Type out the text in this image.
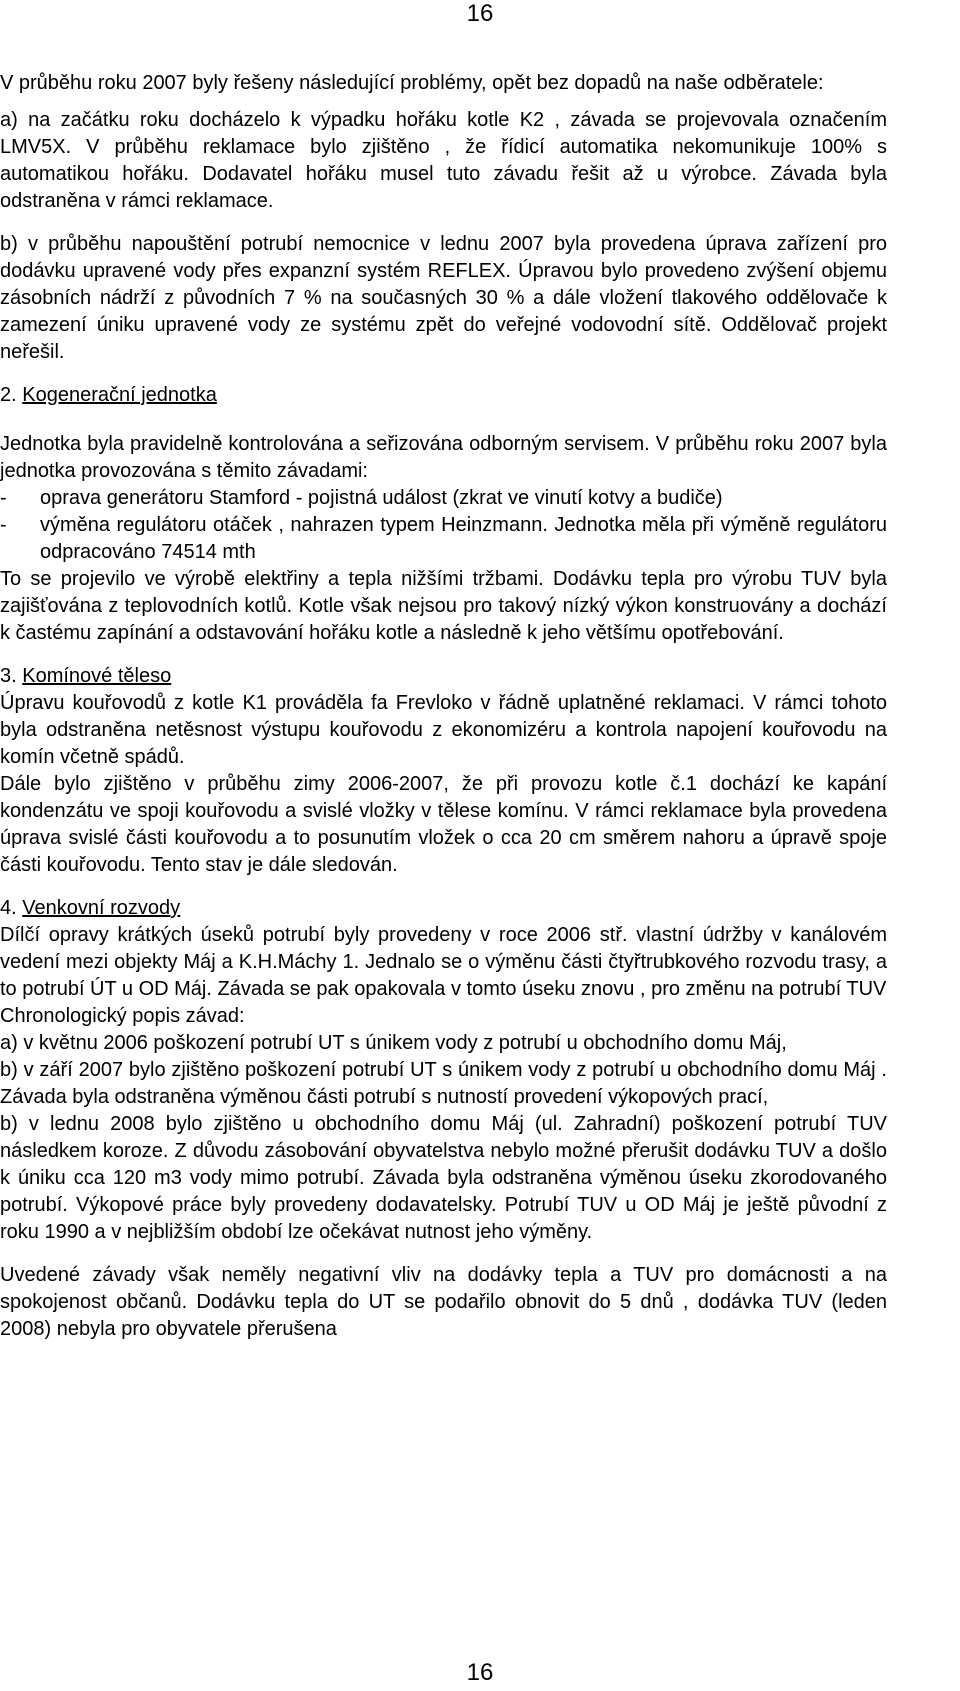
16

V průběhu roku 2007 byly řešeny následující problémy, opět bez dopadů na naše odběratele:

a) na začátku roku docházelo k výpadku hořáku kotle K2 , závada se projevovala označením LMV5X. V průběhu reklamace bylo zjištěno , že řídicí automatika nekomunikuje 100% s automatikou hořáku. Dodavatel hořáku musel tuto závadu řešit až u výrobce. Závada byla odstraněna v rámci reklamace.

b) v průběhu napouštění potrubí nemocnice v lednu 2007 byla provedena úprava zařízení pro dodávku upravené vody přes expanzní systém REFLEX. Úpravou bylo provedeno zvýšení objemu zásobních nádrží z původních 7 % na současných 30 % a dále vložení tlakového oddělovače k zamezení úniku upravené vody ze systému zpět do veřejné vodovodní sítě. Oddělovač projekt neřešil.

2. Kogenerační jednotka

Jednotka byla pravidelně kontrolována a seřizována odborným servisem. V průběhu roku 2007 byla jednotka provozována s těmito závadami:

-	oprava generátoru Stamford - pojistná událost (zkrat ve vinutí kotvy a budiče)
-	výměna regulátoru otáček , nahrazen typem Heinzmann. Jednotka měla při výměně regulátoru odpracováno 74514 mth

To se projevilo ve výrobě elektřiny a tepla nižšími tržbami. Dodávku tepla pro výrobu TUV byla zajišťována z teplovodních kotlů. Kotle však nejsou pro takový nízký výkon konstruovány a dochází k častému zapínání a odstavování hořáku kotle a následně k jeho většímu opotřebování.

3. Komínové těleso

Úpravu kouřovodů z kotle K1 prováděla fa Frevloko v řádně uplatněné reklamaci. V rámci tohoto byla odstraněna netěsnost výstupu kouřovodu z ekonomizéru a kontrola napojení kouřovodu na komín včetně spádů.

Dále bylo zjištěno v průběhu zimy 2006-2007, že při provozu kotle č.1 dochází ke kapání kondenzátu ve spoji kouřovodu a svislé vložky v tělese komínu. V rámci reklamace byla provedena úprava svislé části kouřovodu a to posunutím vložek o cca 20 cm směrem nahoru a úpravě spoje části kouřovodu. Tento stav je dále sledován.

4. Venkovní rozvody

Dílčí opravy krátkých úseků potrubí byly provedeny v roce 2006 stř. vlastní údržby v kanálovém vedení mezi objekty Máj a K.H.Máchy 1. Jednalo se o výměnu části čtyřtrubkového rozvodu trasy, a to potrubí ÚT u OD Máj. Závada se pak opakovala v tomto úseku znovu , pro změnu na potrubí TUV

Chronologický popis závad:

a) v květnu 2006 poškození potrubí UT s únikem vody z potrubí u obchodního domu Máj,

b) v září 2007 bylo zjištěno poškození potrubí UT s únikem vody z potrubí u obchodního domu Máj . Závada byla odstraněna výměnou části potrubí s nutností provedení výkopových prací,

b) v lednu 2008 bylo zjištěno u obchodního domu Máj (ul. Zahradní) poškození potrubí TUV následkem koroze. Z důvodu zásobování obyvatelstva nebylo možné přerušit dodávku TUV a došlo k úniku cca 120 m3 vody mimo potrubí. Závada byla odstraněna výměnou úseku zkorodovaného potrubí. Výkopové práce byly provedeny dodavatelsky. Potrubí TUV u OD Máj je ještě původní z roku 1990 a v nejbližším období lze očekávat nutnost jeho výměny.

Uvedené závady však neměly negativní vliv na dodávky tepla a TUV pro domácnosti a na spokojenost občanů. Dodávku tepla do UT se podařilo obnovit do 5 dnů , dodávka TUV (leden 2008) nebyla pro obyvatele přerušena

16
